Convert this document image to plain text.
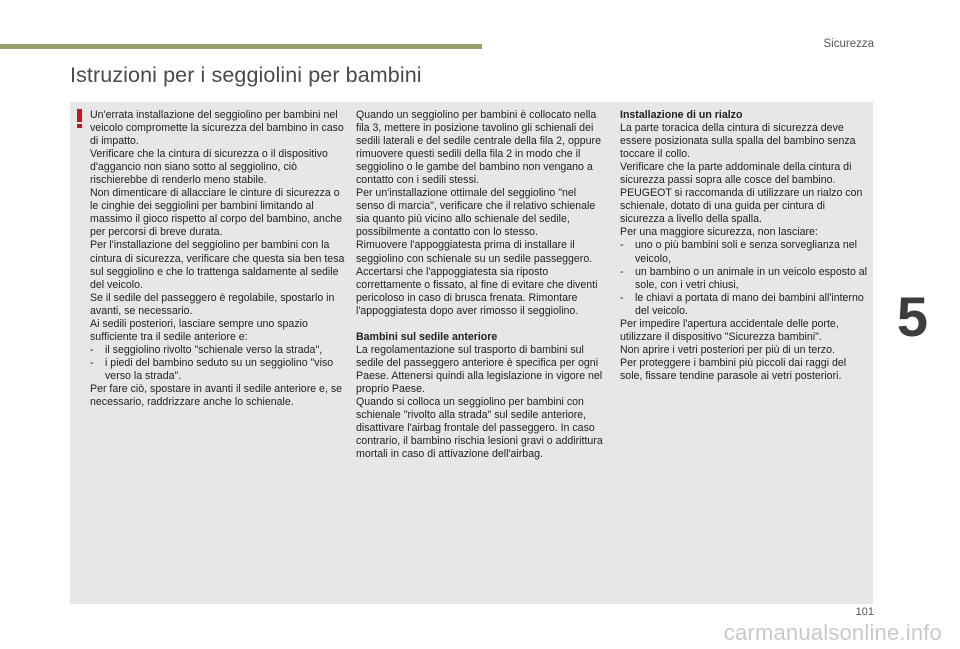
Sicurezza
Istruzioni per i seggiolini per bambini

Un'errata installazione del seggiolino per bambini nel veicolo compromette la sicurezza del bambino in caso di impatto.

Verificare che la cintura di sicurezza o il dispositivo d'aggancio non siano sotto al seggiolino, ciò rischierebbe di renderlo meno stabile.

Non dimenticare di allacciare le cinture di sicurezza o le cinghie dei seggiolini per bambini limitando al massimo il gioco rispetto al corpo del bambino, anche per percorsi di breve durata.

Per l'installazione del seggiolino per bambini con la cintura di sicurezza, verificare che questa sia ben tesa sul seggiolino e che lo trattenga saldamente al sedile del veicolo.

Se il sedile del passeggero è regolabile, spostarlo in avanti, se necessario.

Ai sedili posteriori, lasciare sempre uno spazio sufficiente tra il sedile anteriore e:

-	il seggiolino rivolto "schienale verso la strada",
-	i piedi del bambino seduto su un seggiolino "viso verso la strada".

Per fare ciò, spostare in avanti il sedile anteriore e, se necessario, raddrizzare anche lo schienale.

Quando un seggiolino per bambini è collocato nella fila 3, mettere in posizione tavolino gli schienali dei sedili laterali e del sedile centrale della fila 2, oppure rimuovere questi sedili della fila 2 in modo che il seggiolino o le gambe del bambino non vengano a contatto con i sedili stessi.

Per un'installazione ottimale del seggiolino "nel senso di marcia", verificare che il relativo schienale sia quanto più vicino allo schienale del sedile, possibilmente a contatto con lo stesso.

Rimuovere l'appoggiatesta prima di installare il seggiolino con schienale su un sedile passeggero.

Accertarsi che l'appoggiatesta sia riposto correttamente o fissato, al fine di evitare che diventi pericoloso in caso di brusca frenata. Rimontare l'appoggiatesta dopo aver rimosso il seggiolino.

Bambini sul sedile anteriore

La regolamentazione sul trasporto di bambini sul sedile del passeggero anteriore è specifica per ogni Paese. Attenersi quindi alla legislazione in vigore nel proprio Paese.

Quando si colloca un seggiolino per bambini con schienale "rivolto alla strada" sul sedile anteriore, disattivare l'airbag frontale del passeggero. In caso contrario, il bambino rischia lesioni gravi o addirittura mortali in caso di attivazione dell'airbag.

Installazione di un rialzo

La parte toracica della cintura di sicurezza deve essere posizionata sulla spalla del bambino senza toccare il collo.

Verificare che la parte addominale della cintura di sicurezza passi sopra alle cosce del bambino.

PEUGEOT si raccomanda di utilizzare un rialzo con schienale, dotato di una guida per cintura di sicurezza a livello della spalla.

Per una maggiore sicurezza, non lasciare:

-	uno o più bambini soli e senza sorveglianza nel veicolo,
-	un bambino o un animale in un veicolo esposto al sole, con i vetri chiusi,
-	le chiavi a portata di mano dei bambini all'interno del veicolo.

Per impedire l'apertura accidentale delle porte, utilizzare il dispositivo "Sicurezza bambini".

Non aprire i vetri posteriori per più di un terzo.

Per proteggere i bambini più piccoli dai raggi del sole, fissare tendine parasole ai vetri posteriori.

5
101
carmanualsonline.info
